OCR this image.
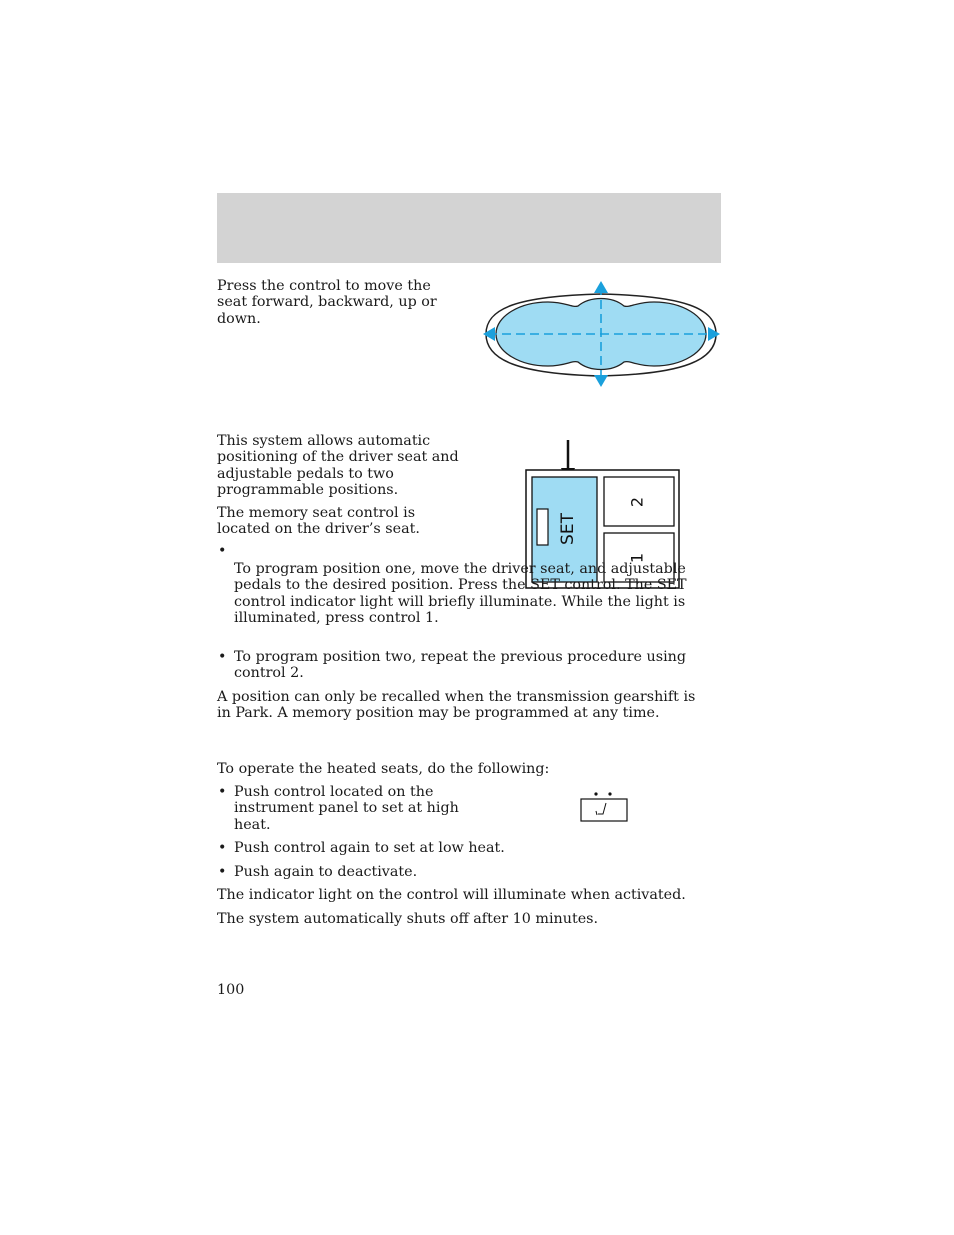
Press the control to move the seat forward, backward, up or down.

This system allows automatic positioning of the driver seat and adjustable pedals to two programmable positions.

The memory seat control is located on the driver’s seat.	SET
2
1
• To program position one, move the driver seat, and adjustable pedals to the desired position. Press the SET control. The SET control indicator light will briefly illuminate. While the light is illuminated, press control 1.
• To program position two, repeat the previous procedure using control 2.

A position can only be recalled when the transmission gearshift is in Park. A memory position may be programmed at any time.

To operate the heated seats, do the following:

• Push control located on the instrument panel to set at high heat.
• Push control again to set at low heat.
• Push again to deactivate.

The indicator light on the control will illuminate when activated.

The system automatically shuts off after 10 minutes.

100
